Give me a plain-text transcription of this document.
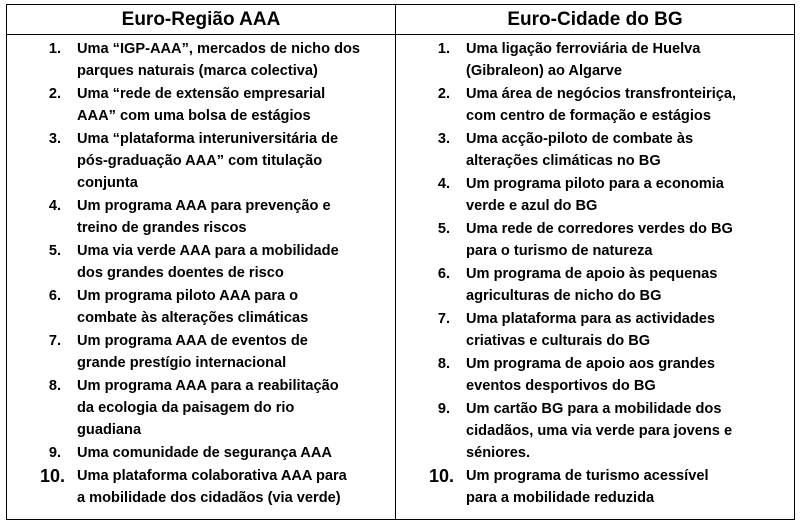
Euro-Região AAA
1.	Uma “IGP-AAA”, mercados de nicho dos
parques naturais (marca colectiva)
2.	Uma “rede de extensão empresarial
AAA” com uma bolsa de estágios
3.	Uma “plataforma interuniversitária de
pós-graduação AAA” com titulação
conjunta
4.	Um programa AAA para prevenção e
treino de grandes riscos
5.	Uma via verde AAA para a mobilidade
dos grandes doentes de risco
6.	Um programa piloto AAA para o
combate às alterações climáticas
7.	Um programa AAA de eventos de
grande prestígio internacional
8.	Um programa AAA para a reabilitação
da ecologia da paisagem do rio
guadiana
9.	Uma comunidade de segurança AAA
10. Uma plataforma colaborativa AAA para
a mobilidade dos cidadãos (via verde)
Euro-Cidade do BG
1.	Uma ligação ferroviária de Huelva
(Gibraleon) ao Algarve
2.	Uma área de negócios transfronteiriça,
com centro de formação e estágios
3.	Uma acção-piloto de combate às
alterações climáticas no BG
4.	Um programa piloto para a economia
verde e azul do BG
5.	Uma rede de corredores verdes do BG
para o turismo de natureza
6.	Um programa de apoio às pequenas
agriculturas de nicho do BG
7.	Uma plataforma para as actividades
criativas e culturais do BG
8.	Um programa de apoio aos grandes
eventos desportivos do BG
9.	Um cartão BG para a mobilidade dos
cidadãos, uma via verde para jovens e
séniores.
10. Um programa de turismo acessível
para a mobilidade reduzida
